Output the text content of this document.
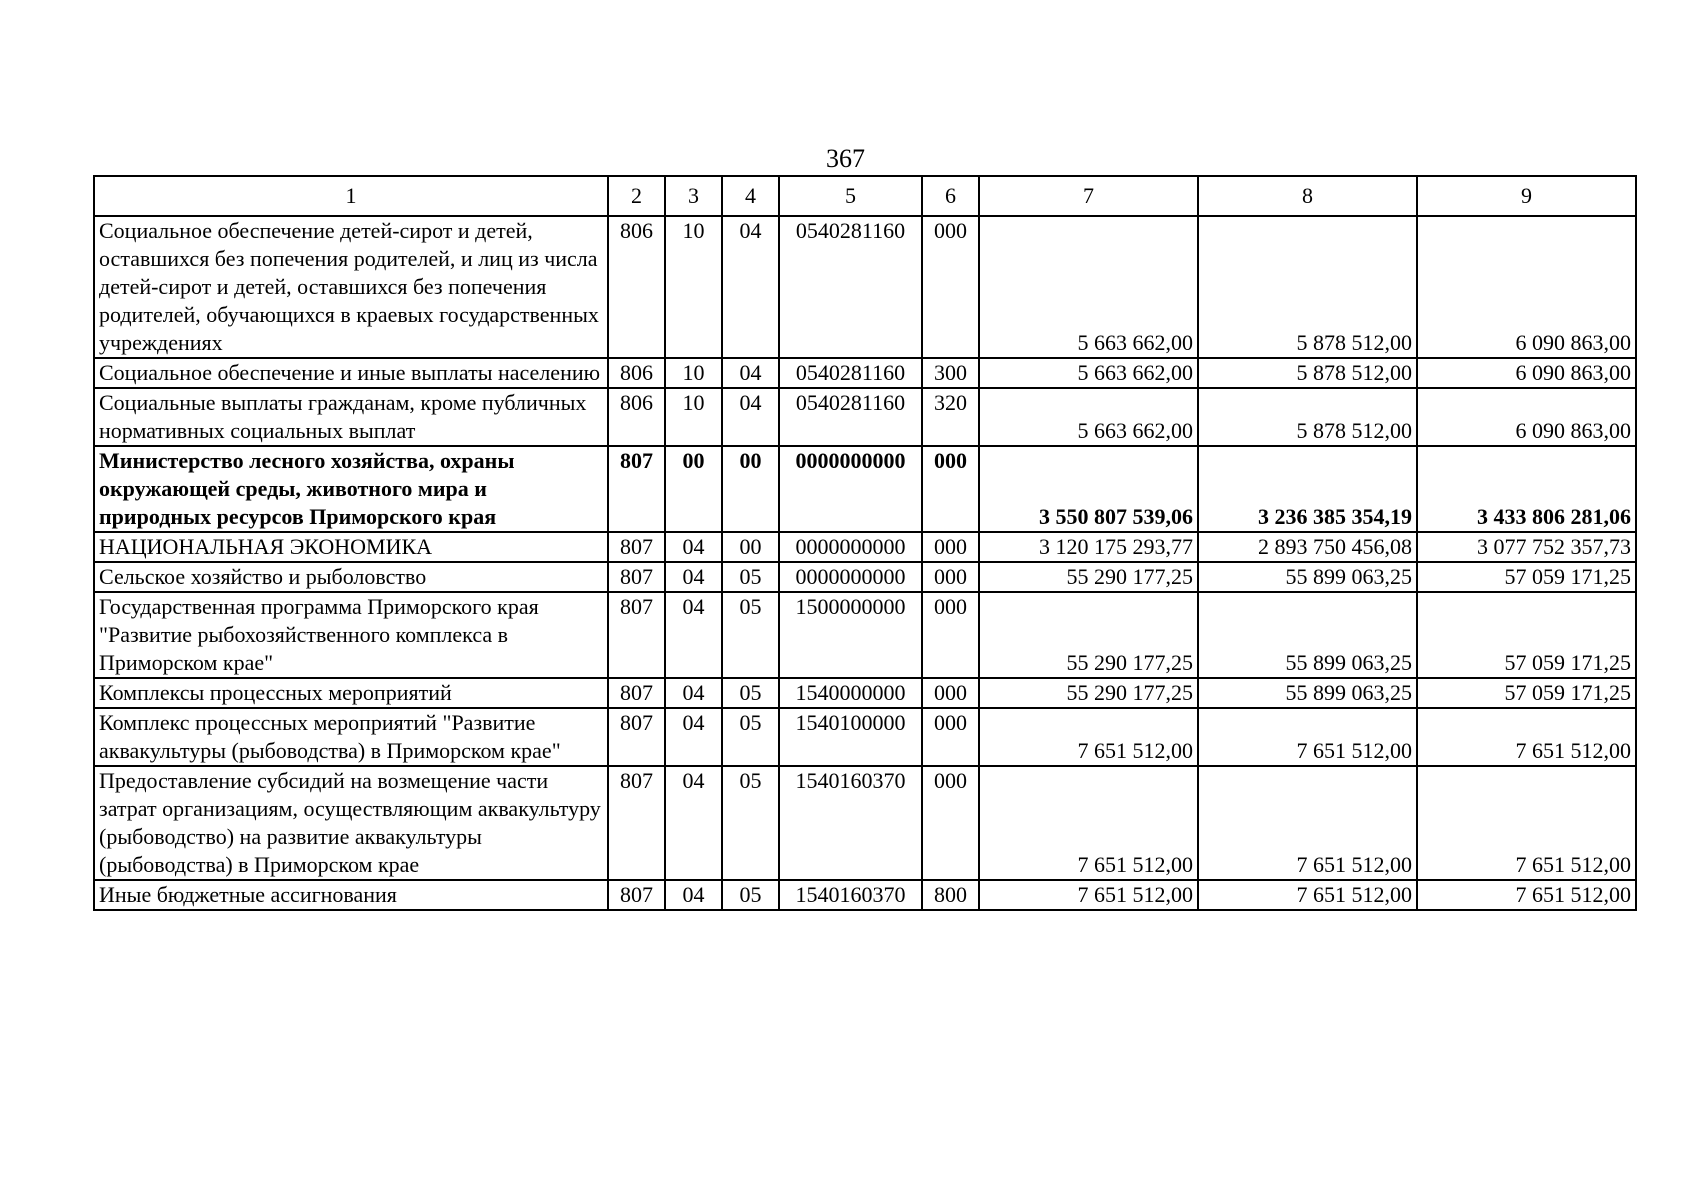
367
1	2	3	4	5	6	7	8	9
Социальное обеспечение детей-сирот и детей, оставшихся без попечения родителей, и лиц из числа детей-сирот и детей, оставшихся без попечения родителей, обучающихся в краевых государственных учреждениях	806	10	04	0540281160	000	5 663 662,00	5 878 512,00	6 090 863,00
Социальное обеспечение и иные выплаты населению	806	10	04	0540281160	300	5 663 662,00	5 878 512,00	6 090 863,00
Социальные выплаты гражданам, кроме публичных нормативных социальных выплат	806	10	04	0540281160	320	5 663 662,00	5 878 512,00	6 090 863,00
Министерство лесного хозяйства, охраны окружающей среды, животного мира и природных ресурсов Приморского края	807	00	00	0000000000	000	3 550 807 539,06	3 236 385 354,19	3 433 806 281,06
НАЦИОНАЛЬНАЯ ЭКОНОМИКА	807	04	00	0000000000	000	3 120 175 293,77	2 893 750 456,08	3 077 752 357,73
Сельское хозяйство и рыболовство	807	04	05	0000000000	000	55 290 177,25	55 899 063,25	57 059 171,25
Государственная программа Приморского края "Развитие рыбохозяйственного комплекса в Приморском крае"	807	04	05	1500000000	000	55 290 177,25	55 899 063,25	57 059 171,25
Комплексы процессных мероприятий	807	04	05	1540000000	000	55 290 177,25	55 899 063,25	57 059 171,25
Комплекс процессных мероприятий "Развитие аквакультуры (рыбоводства) в Приморском крае"	807	04	05	1540100000	000	7 651 512,00	7 651 512,00	7 651 512,00
Предоставление субсидий на возмещение части затрат организациям, осуществляющим аквакультуру (рыбоводство) на развитие аквакультуры (рыбоводства) в Приморском крае	807	04	05	1540160370	000	7 651 512,00	7 651 512,00	7 651 512,00
Иные бюджетные ассигнования	807	04	05	1540160370	800	7 651 512,00	7 651 512,00	7 651 512,00
